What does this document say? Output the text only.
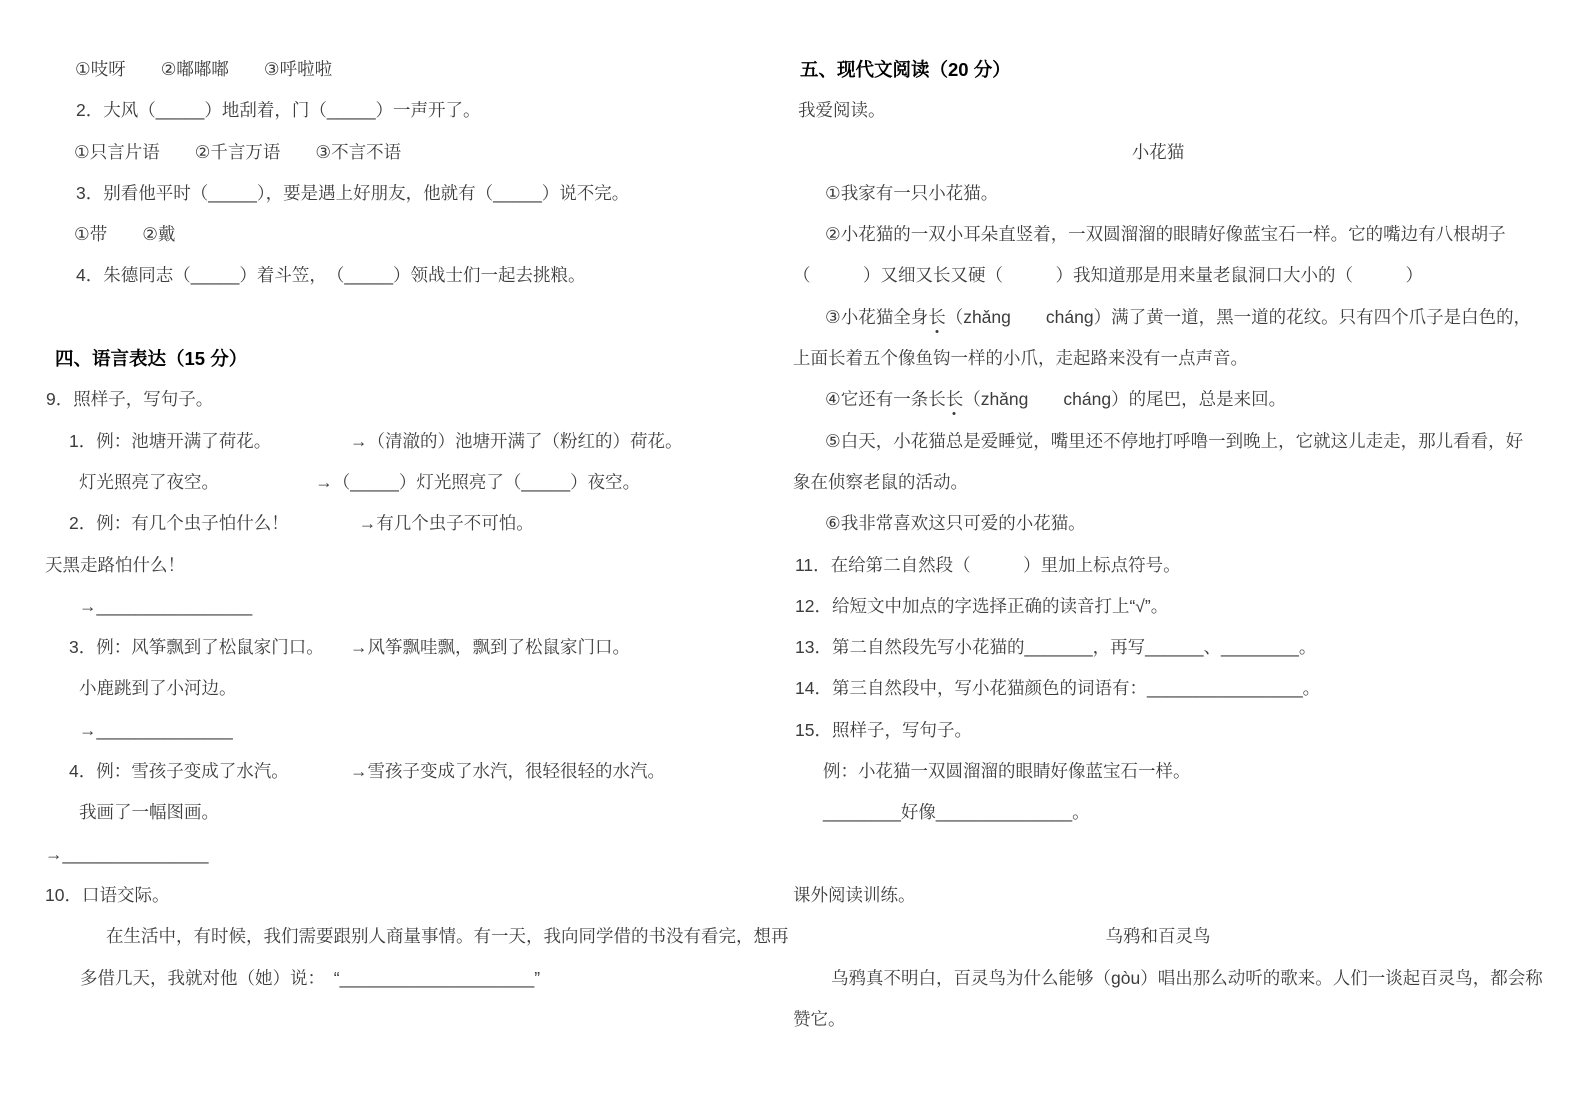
①吱呀　　②嘟嘟嘟　　③呼啦啦
2．大风（_____）地刮着，门（_____）一声开了。
①只言片语　　②千言万语　　③不言不语
3．别看他平时（_____），要是遇上好朋友，他就有（_____）说不完。
①带　　②戴
4．朱德同志（_____）着斗笠，　（_____）领战士们一起去挑粮。
四、语言表达（15 分）
9．照样子，写句子。
1．例：池塘开满了荷花。　　　　　→（清澈的）池塘开满了（粉红的）荷花。
灯光照亮了夜空。　　　　　　→（_____）灯光照亮了（_____）夜空。
2．例：有几个虫子怕什么！　　　　→有几个虫子不可怕。
天黑走路怕什么！
→________________
3．例：风筝飘到了松鼠家门口。　　→风筝飘哇飘，飘到了松鼠家门口。
小鹿跳到了小河边。
→______________
4．例：雪孩子变成了水汽。　　　　→雪孩子变成了水汽，很轻很轻的水汽。
我画了一幅图画。
→_______________
10．口语交际。
在生活中，有时候，我们需要跟别人商量事情。有一天，我向同学借的书没有看完，想再
多借几天，我就对他（她）说：　“____________________”
五、现代文阅读（20 分）
我爱阅读。
小花猫
①我家有一只小花猫。
②小花猫的一双小耳朵直竖着，一双圆溜溜的眼睛好像蓝宝石一样。它的嘴边有八根胡子
（　　　）又细又长又硬（　　　）我知道那是用来量老鼠洞口大小的（　　　）
③小花猫全身长（zhǎng　　cháng）满了黄一道，黑一道的花纹。只有四个爪子是白色的，
上面长着五个像鱼钩一样的小爪，走起路来没有一点声音。
④它还有一条长长（zhǎng　　cháng）的尾巴，总是来回。
⑤白天，小花猫总是爱睡觉，嘴里还不停地打呼噜一到晚上，它就这儿走走，那儿看看，好
象在侦察老鼠的活动。
⑥我非常喜欢这只可爱的小花猫。
11．在给第二自然段（　　　）里加上标点符号。
12．给短文中加点的字选择正确的读音打上“√”。
13．第二自然段先写小花猫的_______，再写______、________。
14．第三自然段中，写小花猫颜色的词语有：________________。
15．照样子，写句子。
例：小花猫一双圆溜溜的眼睛好像蓝宝石一样。
________好像______________。
课外阅读训练。
乌鸦和百灵鸟
乌鸦真不明白，百灵鸟为什么能够（gòu）唱出那么动听的歌来。人们一谈起百灵鸟，都会称
赞它。
